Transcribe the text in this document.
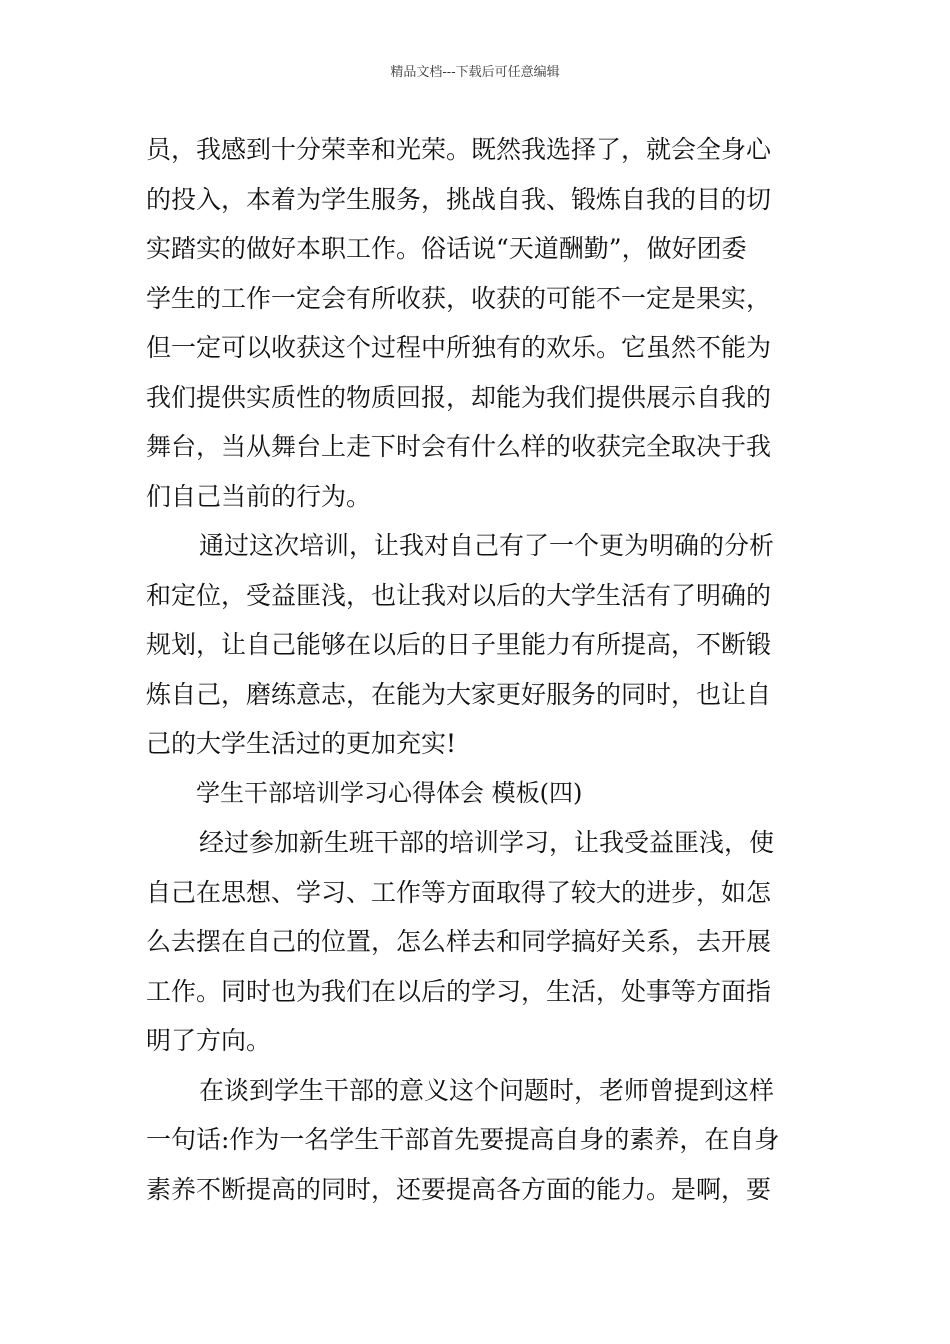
精品文档---下载后可任意编辑
员，我感到十分荣幸和光荣。既然我选择了，就会全身心
的投入，本着为学生服务，挑战自我、锻炼自我的目的切
实踏实的做好本职工作。俗话说“天道酬勤”，做好团委
学生的工作一定会有所收获，收获的可能不一定是果实，
但一定可以收获这个过程中所独有的欢乐。它虽然不能为
我们提供实质性的物质回报，却能为我们提供展示自我的
舞台，当从舞台上走下时会有什么样的收获完全取决于我
们自己当前的行为。
通过这次培训，让我对自己有了一个更为明确的分析
和定位，受益匪浅，也让我对以后的大学生活有了明确的
规划，让自己能够在以后的日子里能力有所提高，不断锻
炼自己，磨练意志，在能为大家更好服务的同时，也让自
己的大学生活过的更加充实!
学生干部培训学习心得体会 模板(四)
经过参加新生班干部的培训学习，让我受益匪浅，使
自己在思想、学习、工作等方面取得了较大的进步，如怎
么去摆在自己的位置，怎么样去和同学搞好关系，去开展
工作。同时也为我们在以后的学习，生活，处事等方面指
明了方向。
在谈到学生干部的意义这个问题时，老师曾提到这样
一句话:作为一名学生干部首先要提高自身的素养，在自身
素养不断提高的同时，还要提高各方面的能力。是啊，要
